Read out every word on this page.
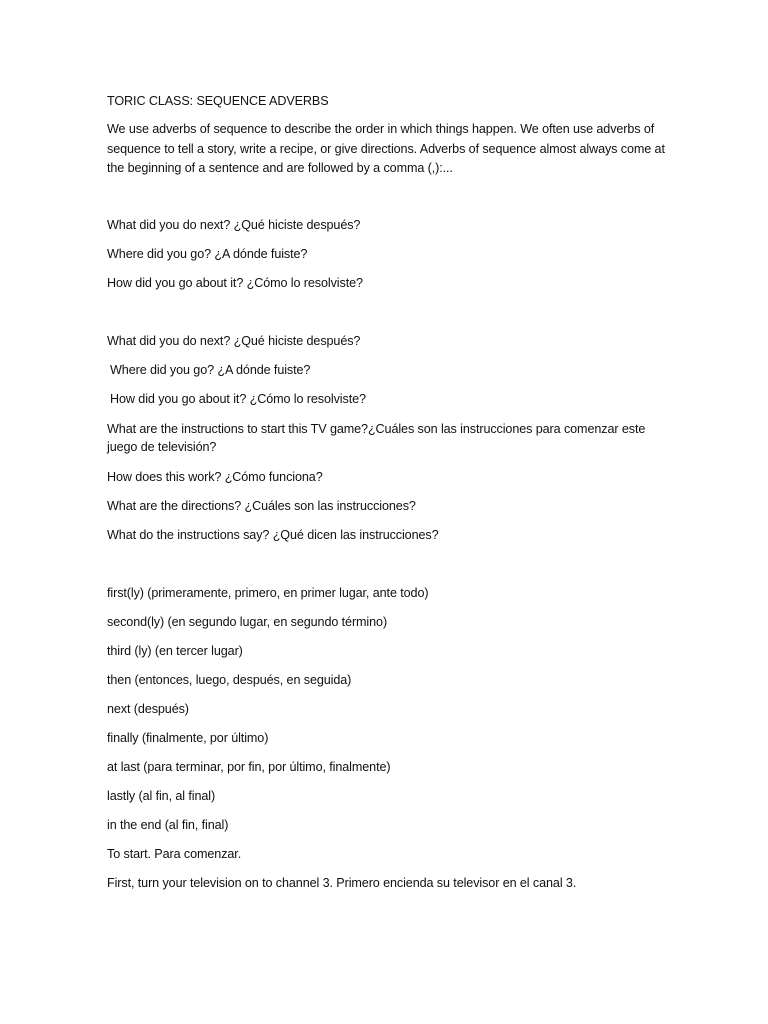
TORIC CLASS: SEQUENCE ADVERBS
We use adverbs of sequence to describe the order in which things happen. We often use adverbs of sequence to tell a story, write a recipe, or give directions. Adverbs of sequence almost always come at the beginning of a sentence and are followed by a comma (,):...
What did you do next? ¿Qué hiciste después?
Where did you go? ¿A dónde fuiste?
How did you go about it? ¿Cómo lo resolviste?
What did you do next? ¿Qué hiciste después?
Where did you go? ¿A dónde fuiste?
How did you go about it? ¿Cómo lo resolviste?
What are the instructions to start this TV game?¿Cuáles son las instrucciones para comenzar este juego de televisión?
How does this work? ¿Cómo funciona?
What are the directions? ¿Cuáles son las instrucciones?
What do the instructions say? ¿Qué dicen las instrucciones?
first(ly) (primeramente, primero, en primer lugar, ante todo)
second(ly) (en segundo lugar, en segundo término)
third (ly) (en tercer lugar)
then (entonces, luego, después, en seguida)
next (después)
finally (finalmente, por último)
at last (para terminar, por fin, por último, finalmente)
lastly (al fin, al final)
in the end (al fin, final)
To start. Para comenzar.
First, turn your television on to channel 3. Primero encienda su televisor en el canal 3.
